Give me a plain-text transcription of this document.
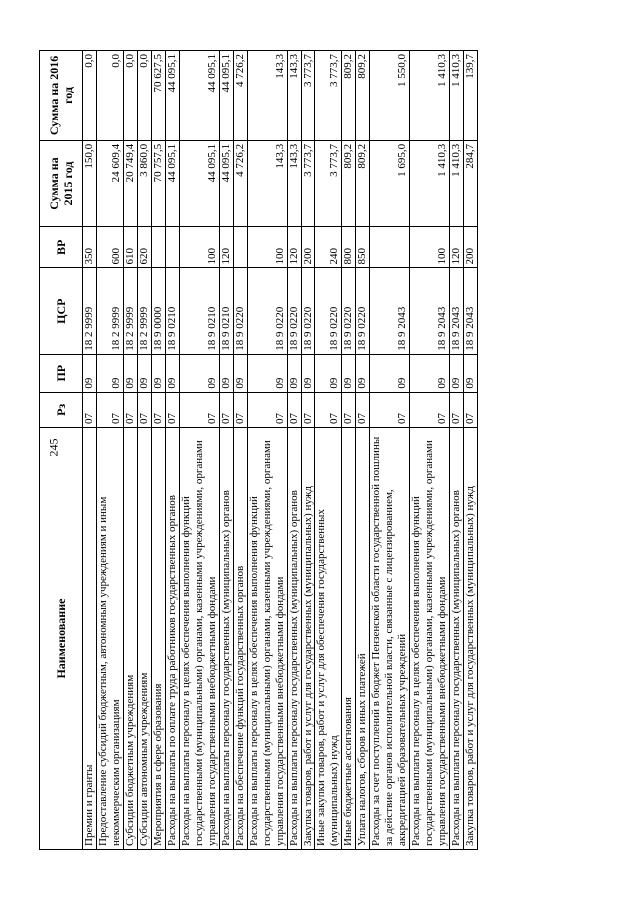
245
Наименование	Рз	ПР	ЦСР	ВР	Сумма на 2015 год	Сумма на 2016 год
Премии и гранты	07	09	18 2 9999	350	150,0	0,0
Предоставление субсидий бюджетным, автономным учреждениям и иным некоммерческим организациям	07	09	18 2 9999	600	24 609,4	0,0
Субсидии бюджетным учреждениям	07	09	18 2 9999	610	20 749,4	0,0
Субсидии автономным учреждениям	07	09	18 2 9999	620	3 860,0	0,0
Мероприятия в сфере образования	07	09	18 9 0000		70 757,5	70 627,5
Расходы на выплаты по оплате труда работников государственных органов	07	09	18 9 0210		44 095,1	44 095,1
Расходы на выплаты персоналу в целях обеспечения выполнения функций государственными (муниципальными) органами, казенными учреждениями, органами управления государственными внебюджетными фондами	07	09	18 9 0210	100	44 095,1	44 095,1
Расходы на выплаты персоналу государственных (муниципальных) органов	07	09	18 9 0210	120	44 095,1	44 095,1
Расходы на обеспечение функций государственных органов	07	09	18 9 0220		4 726,2	4 726,2
Расходы на выплаты персоналу в целях обеспечения выполнения функций государственными (муниципальными) органами, казенными учреждениями, органами управления государственными внебюджетными фондами	07	09	18 9 0220	100	143,3	143,3
Расходы на выплаты персоналу государственных (муниципальных) органов	07	09	18 9 0220	120	143,3	143,3
Закупка товаров, работ и услуг для государственных (муниципальных) нужд	07	09	18 9 0220	200	3 773,7	3 773,7
Иные закупки товаров, работ и услуг для обеспечения государственных (муниципальных) нужд	07	09	18 9 0220	240	3 773,7	3 773,7
Иные бюджетные ассигнования	07	09	18 9 0220	800	809,2	809,2
Уплата налогов, сборов и иных платежей	07	09	18 9 0220	850	809,2	809,2
Расходы за счет поступлений в бюджет Пензенской области государственной пошлины за действие органов исполнительной власти, связанные с лицензированием, аккредитацией образовательных учреждений	07	09	18 9 2043		1 695,0	1 550,0
Расходы на выплаты персоналу в целях обеспечения выполнения функций государственными (муниципальными) органами, казенными учреждениями, органами управления государственными внебюджетными фондами	07	09	18 9 2043	100	1 410,3	1 410,3
Расходы на выплаты персоналу государственных (муниципальных) органов	07	09	18 9 2043	120	1 410,3	1 410,3
Закупка товаров, работ и услуг для государственных (муниципальных) нужд	07	09	18 9 2043	200	284,7	139,7
